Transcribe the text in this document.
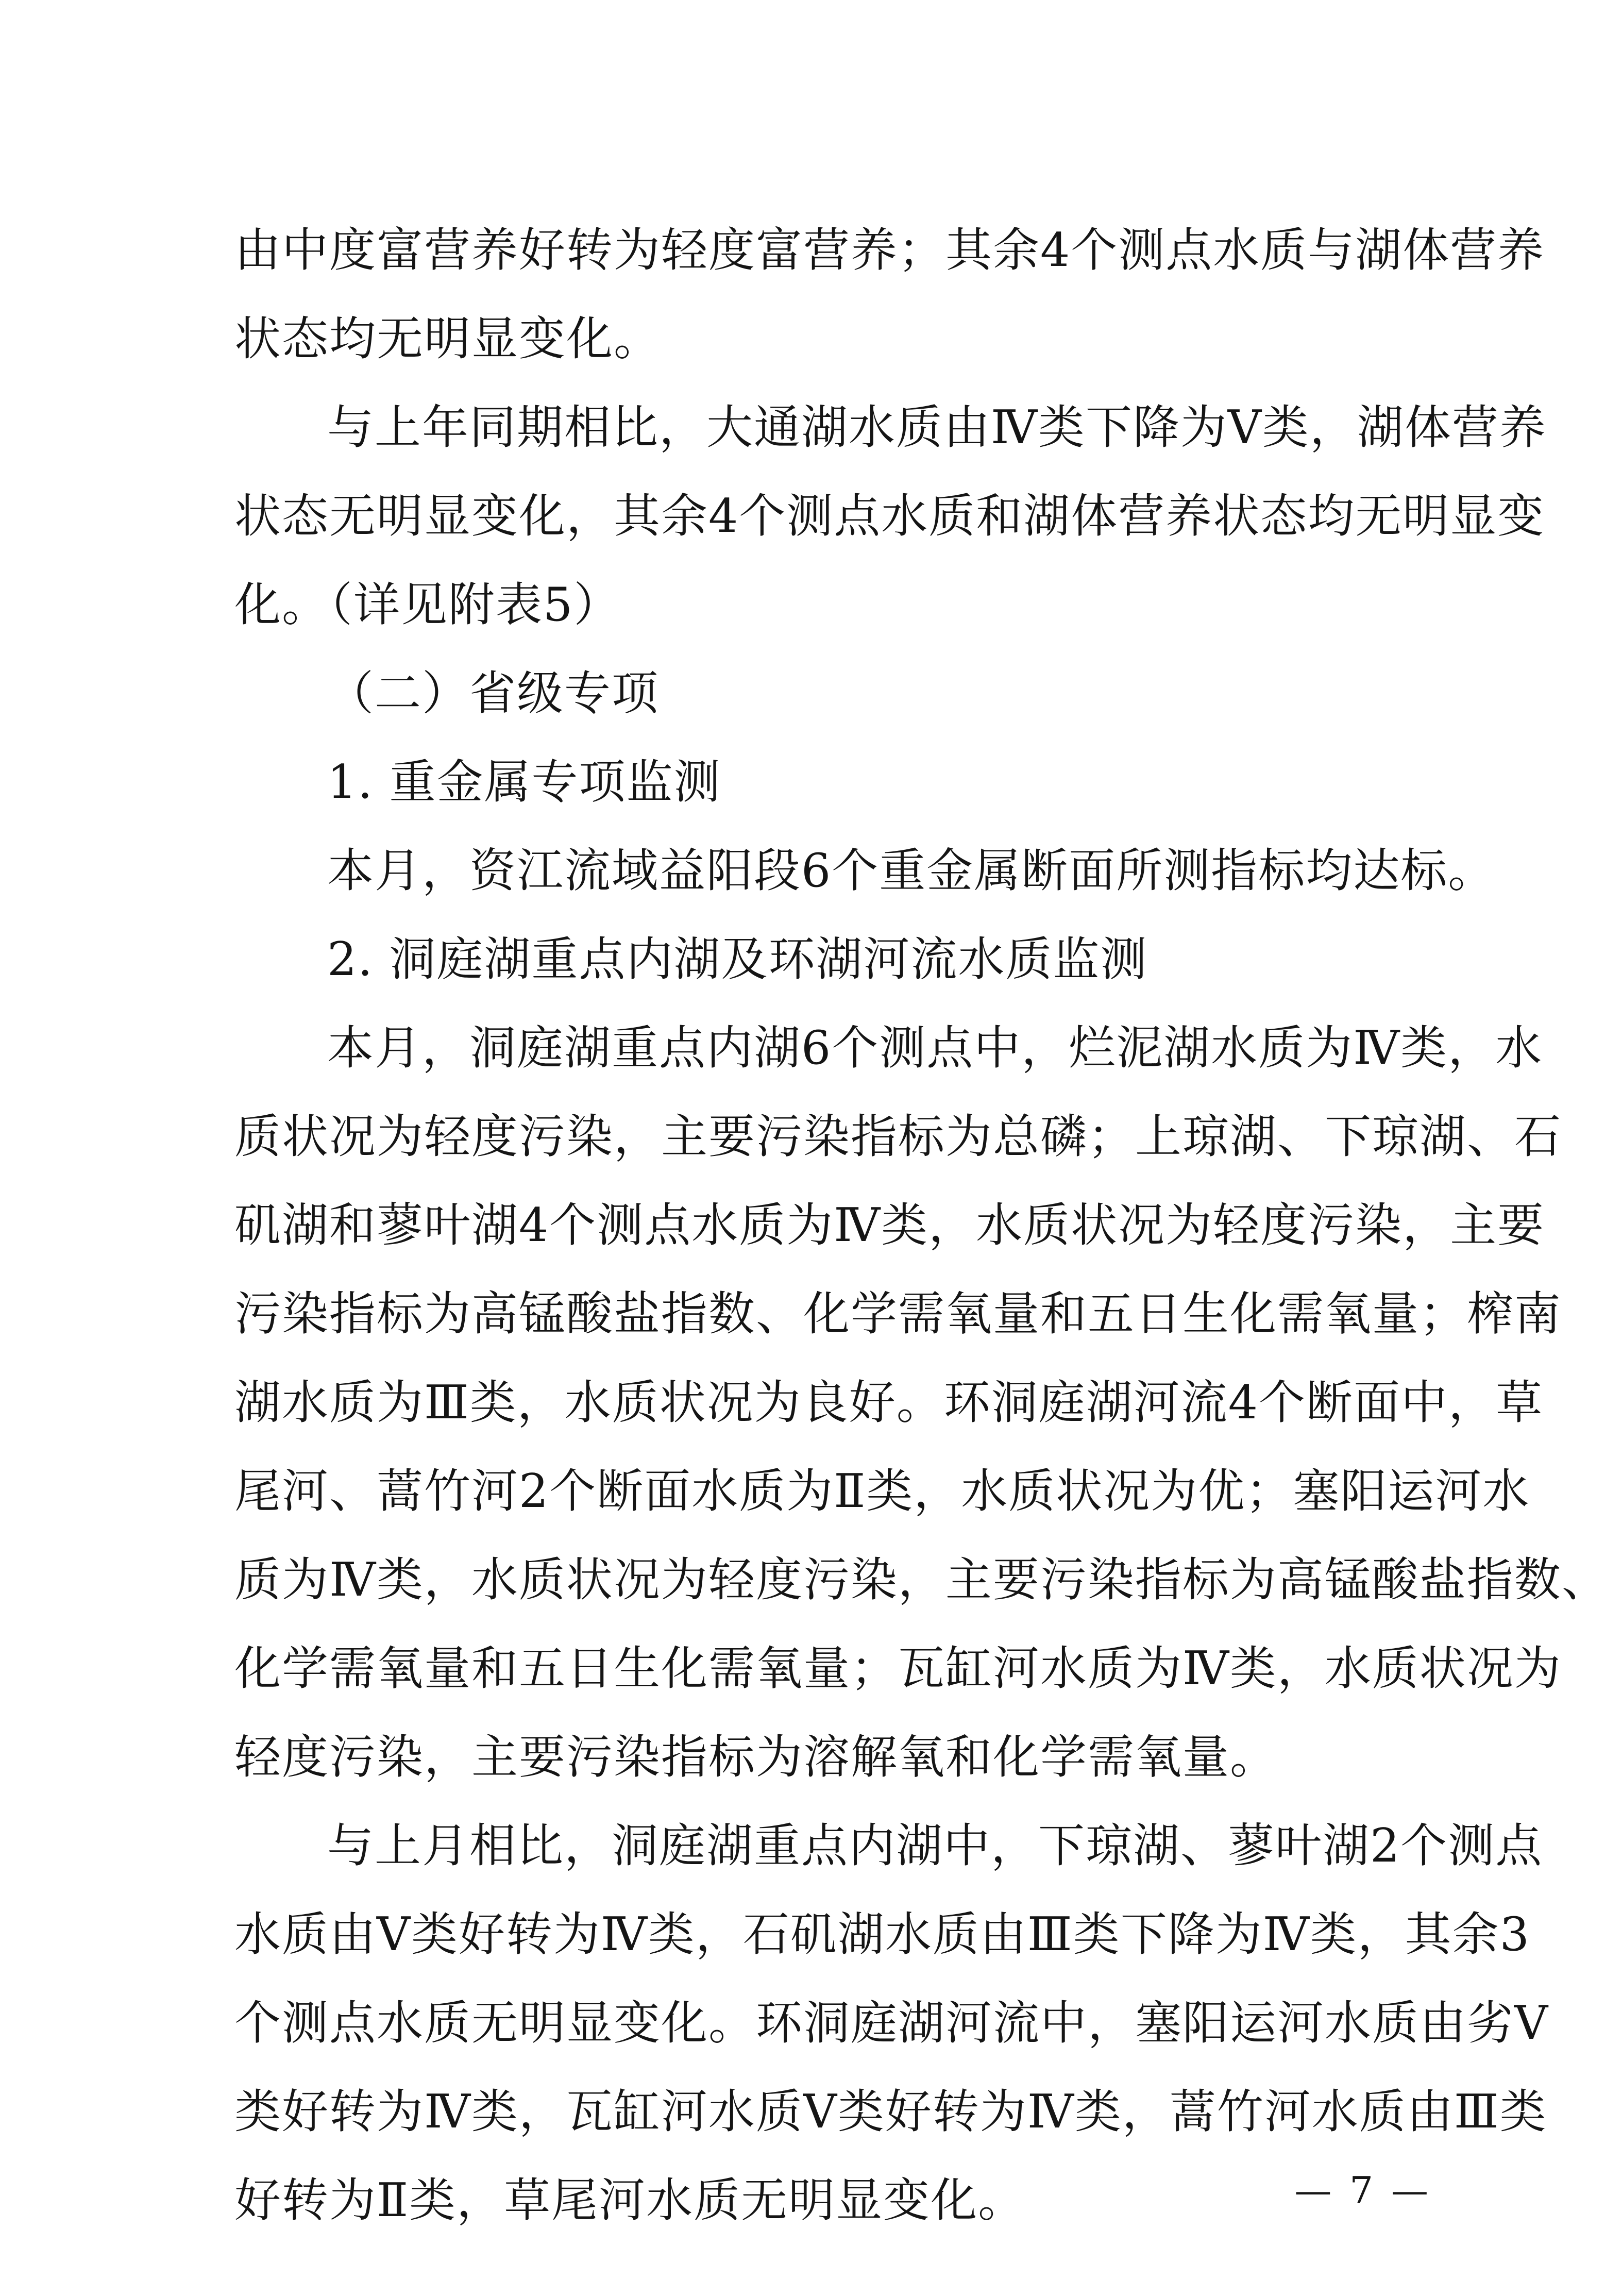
由中度富营养好转为轻度富营养；其余4个测点水质与湖体营养
状态均无明显变化。
与上年同期相比，大通湖水质由Ⅳ类下降为Ⅴ类，湖体营养
状态无明显变化，其余4个测点水质和湖体营养状态均无明显变
化。（详见附表5）
（二）省级专项
1. 重金属专项监测
本月，资江流域益阳段6个重金属断面所测指标均达标。
2. 洞庭湖重点内湖及环湖河流水质监测
本月，洞庭湖重点内湖6个测点中，烂泥湖水质为Ⅳ类，水
质状况为轻度污染，主要污染指标为总磷；上琼湖、下琼湖、石
矶湖和蓼叶湖4个测点水质为Ⅳ类，水质状况为轻度污染，主要
污染指标为高锰酸盐指数、化学需氧量和五日生化需氧量；榨南
湖水质为Ⅲ类，水质状况为良好。环洞庭湖河流4个断面中，草
尾河、蒿竹河2个断面水质为Ⅱ类，水质状况为优；塞阳运河水
质为Ⅳ类，水质状况为轻度污染，主要污染指标为高锰酸盐指数、
化学需氧量和五日生化需氧量；瓦缸河水质为Ⅳ类，水质状况为
轻度污染，主要污染指标为溶解氧和化学需氧量。
与上月相比，洞庭湖重点内湖中，下琼湖、蓼叶湖2个测点
水质由Ⅴ类好转为Ⅳ类，石矶湖水质由Ⅲ类下降为Ⅳ类，其余3
个测点水质无明显变化。环洞庭湖河流中，塞阳运河水质由劣Ⅴ
类好转为Ⅳ类，瓦缸河水质Ⅴ类好转为Ⅳ类，蒿竹河水质由Ⅲ类
好转为Ⅱ类，草尾河水质无明显变化。	— 7 —
